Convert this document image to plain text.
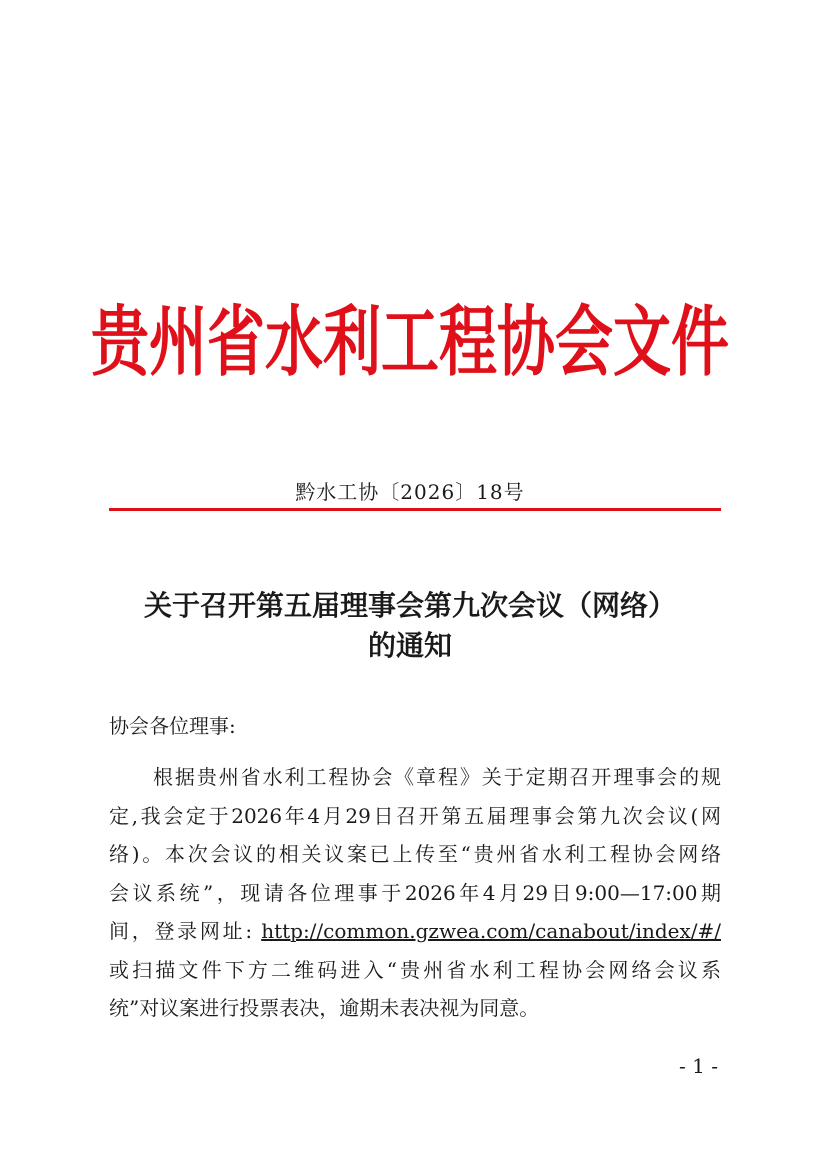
贵州省水利工程协会文件
黔水工协〔2026〕18号
关于召开第五届理事会第九次会议（网络）
的通知
协会各位理事:
根据贵州省水利工程协会《章程》关于定期召开理事会的规
定,我会定于2026年4月29日召开第五届理事会第九次会议(网
络)。本次会议的相关议案已上传至“贵州省水利工程协会网络
会议系统”，现请各位理事于2026年4月29日9:00—17:00期
间，登录网址: http://common.gzwea.com/canabout/index/#/
或扫描文件下方二维码进入“贵州省水利工程协会网络会议系
统”对议案进行投票表决，逾期未表决视为同意。
- 1 -
